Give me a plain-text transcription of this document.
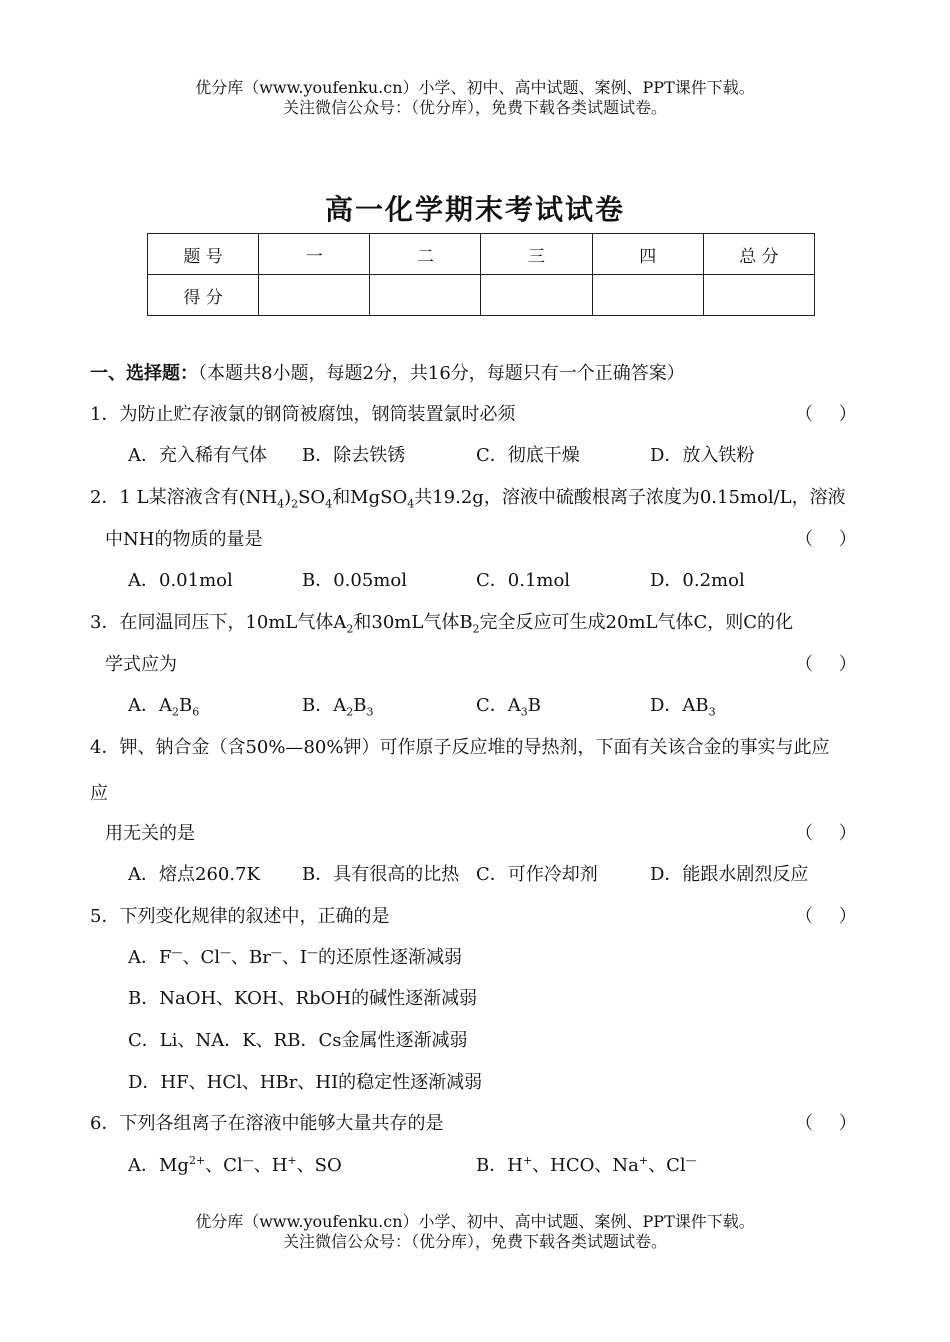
优分库（www.youfenku.cn）小学、初中、高中试题、案例、PPT课件下载。
关注微信公众号：（优分库），免费下载各类试题试卷。
高一化学期末考试试卷
题 号	一	二	三	四	总 分
得 分					
一、选择题：（本题共8小题，每题2分，共16分，每题只有一个正确答案）
1．为防止贮存液氯的钢筒被腐蚀，钢筒装置氯时必须	（ ）
A．充入稀有气体 B．除去铁锈	C．彻底干燥	D．放入铁粉
2．1 L某溶液含有$(NH_4)_2SO_4$和MgSO$_4$共19.2g，溶液中硫酸根离子浓度为0.15mol/L，溶液
中NH的物质的量是	（ ）
A．0.01mol	B．0.05mol	C．0.1mol	D．0.2mol
3．在同温同压下，10mL气体$A_2$和30mL气体$B_2$完全反应可生成20mL气体C，则C的化
学式应为	（ ）
A．$A_2B_6$	B．$A_2B_3$	C．$A_3B$	D．$AB_3$
4．钾、钠合金（含50%—80%钾）可作原子反应堆的导热剂，下面有关该合金的事实与此应
应
用无关的是	（ ）
A．熔点260.7K B．具有很高的比热 C．可作冷却剂	D．能跟水剧烈反应
5．下列变化规律的叙述中，正确的是	（ ）
A．F—、Cl—、Br—、I—的还原性逐渐减弱
B．NaOH、KOH、RbOH的碱性逐渐减弱
C．Li、NA．K、RB．Cs金属性逐渐减弱
D．HF、HCl、HBr、HI的稳定性逐渐减弱
6．下列各组离子在溶液中能够大量共存的是	（ ）
A．$Mg^{2+}$、Cl—、H+、SO	B．H+、HCO、Na+、Cl—
优分库（www.youfenku.cn）小学、初中、高中试题、案例、PPT课件下载。
关注微信公众号：（优分库），免费下载各类试题试卷。
